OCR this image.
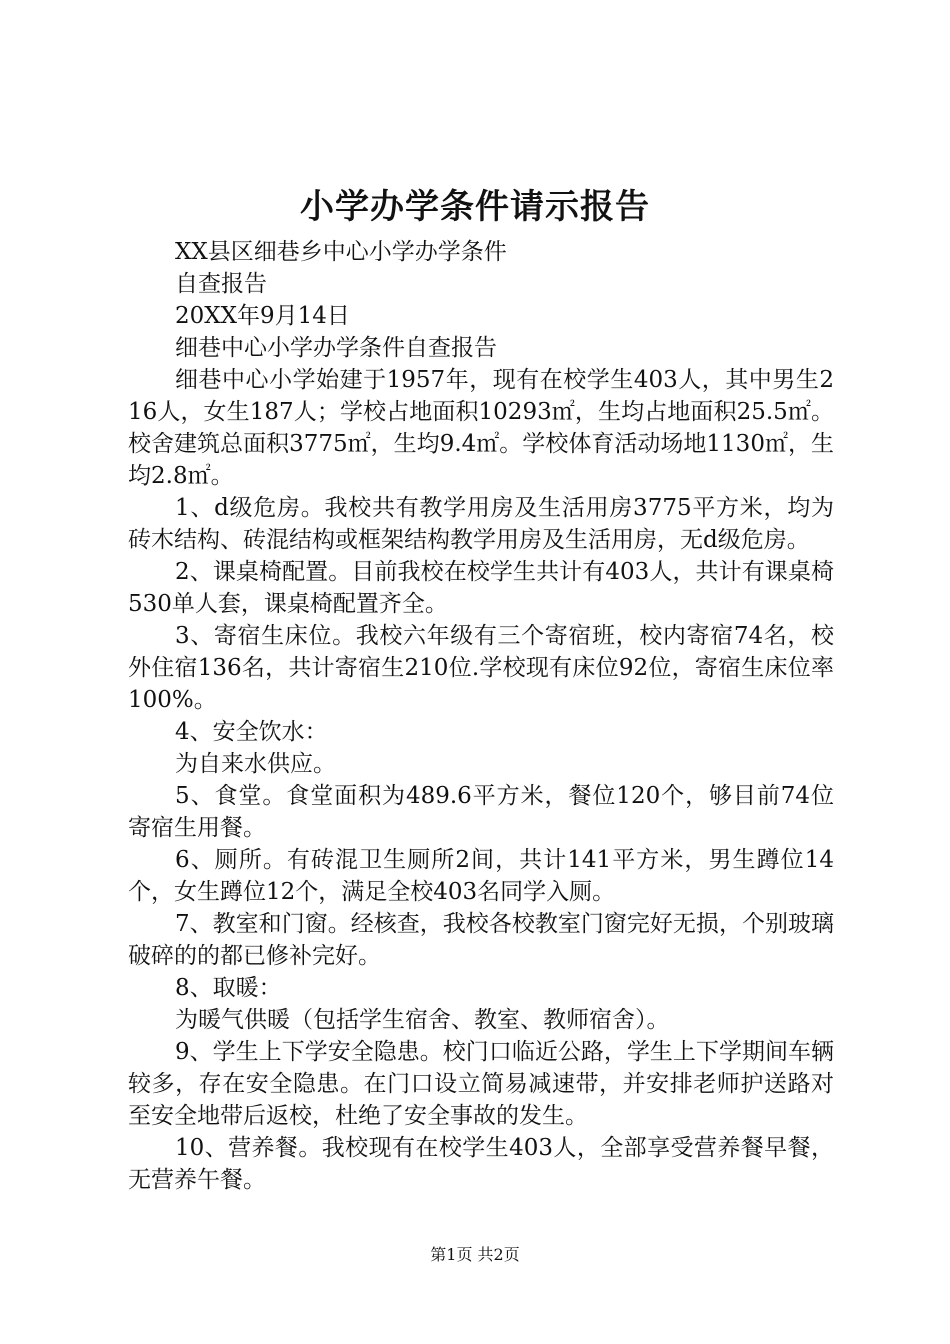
小学办学条件请示报告

XX县区细巷乡中心小学办学条件

自查报告

20XX年9月14日

细巷中心小学办学条件自查报告

细巷中心小学始建于1957年，现有在校学生403人，其中男生216人，女生187人；学校占地面积10293㎡，生均占地面积25.5㎡。校舍建筑总面积3775㎡，生均9.4㎡。学校体育活动场地1130㎡，生均2.8㎡。

1、d级危房。我校共有教学用房及生活用房3775平方米，均为砖木结构、砖混结构或框架结构教学用房及生活用房，无d级危房。

2、课桌椅配置。目前我校在校学生共计有403人，共计有课桌椅530单人套，课桌椅配置齐全。

3、寄宿生床位。我校六年级有三个寄宿班，校内寄宿74名，校外住宿136名，共计寄宿生210位.学校现有床位92位，寄宿生床位率100%。

4、安全饮水：

为自来水供应。

5、食堂。食堂面积为489.6平方米，餐位120个，够目前74位寄宿生用餐。

6、厕所。有砖混卫生厕所2间，共计141平方米，男生蹲位14个，女生蹲位12个，满足全校403名同学入厕。

7、教室和门窗。经核查，我校各校教室门窗完好无损，个别玻璃破碎的的都已修补完好。

8、取暖：

为暖气供暖（包括学生宿舍、教室、教师宿舍）。

9、学生上下学安全隐患。校门口临近公路，学生上下学期间车辆较多，存在安全隐患。在门口设立简易减速带，并安排老师护送路对至安全地带后返校，杜绝了安全事故的发生。

10、营养餐。我校现有在校学生403人，全部享受营养餐早餐，无营养午餐。

第1页 共2页
